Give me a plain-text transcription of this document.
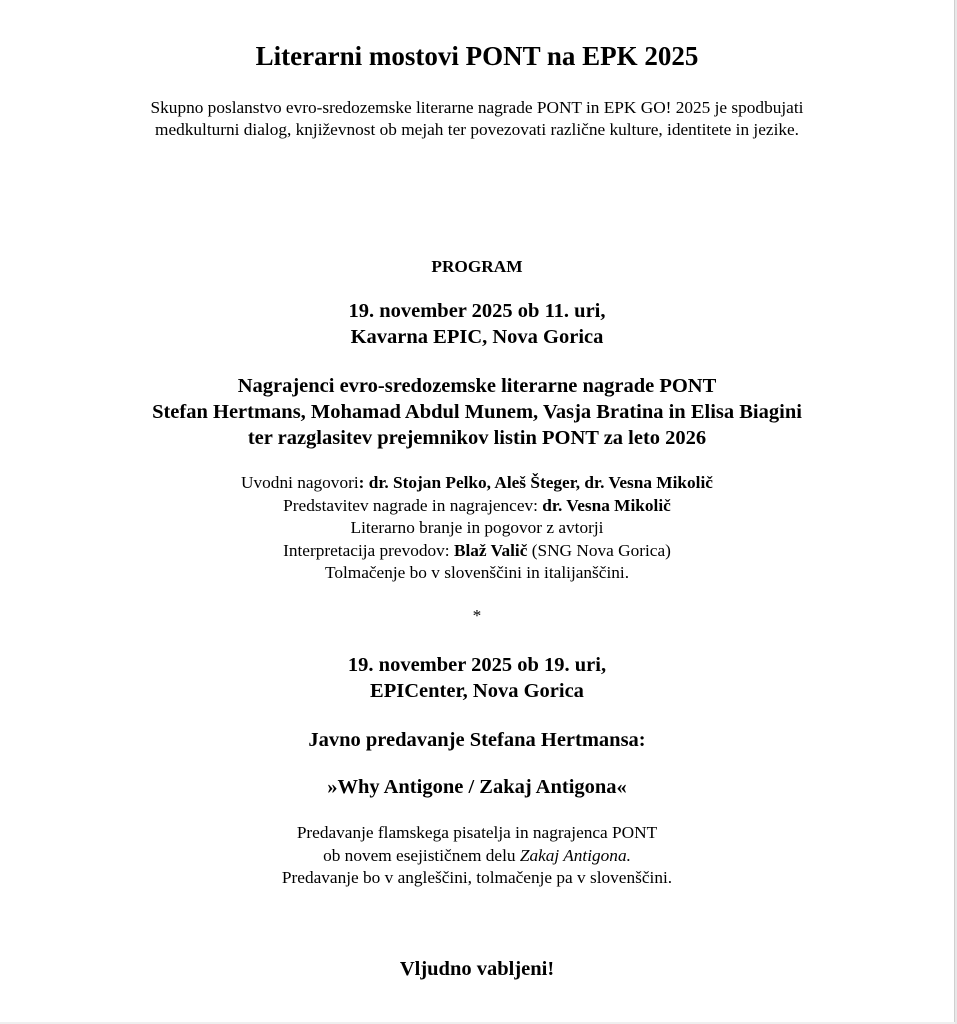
Literarni mostovi PONT na EPK 2025
Skupno poslanstvo evro-sredozemske literarne nagrade PONT in EPK GO! 2025 je spodbujati
medkulturni dialog, književnost ob mejah ter povezovati različne kulture, identitete in jezike.
PROGRAM
19. november 2025 ob 11. uri,
Kavarna EPIC, Nova Gorica
Nagrajenci evro-sredozemske literarne nagrade PONT
Stefan Hertmans, Mohamad Abdul Munem, Vasja Bratina in Elisa Biagini
ter razglasitev prejemnikov listin PONT za leto 2026
Uvodni nagovori: dr. Stojan Pelko, Aleš Šteger, dr. Vesna Mikolič
Predstavitev nagrade in nagrajencev: dr. Vesna Mikolič
Literarno branje in pogovor z avtorji
Interpretacija prevodov: Blaž Valič (SNG Nova Gorica)
Tolmačenje bo v slovenščini in italijanščini.
*
19. november 2025 ob 19. uri,
EPICenter, Nova Gorica
Javno predavanje Stefana Hertmansa:
»Why Antigone / Zakaj Antigona«
Predavanje flamskega pisatelja in nagrajenca PONT
ob novem esejističnem delu Zakaj Antigona.
Predavanje bo v angleščini, tolmačenje pa v slovenščini.
Vljudno vabljeni!
